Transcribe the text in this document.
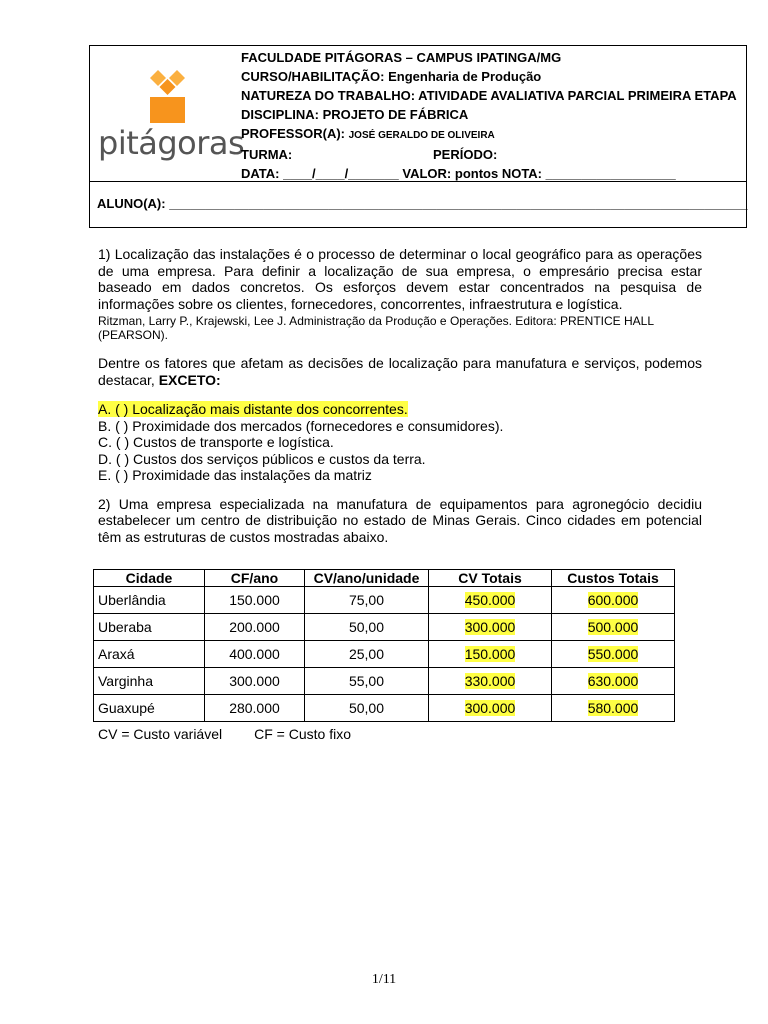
pitágoras
FACULDADE PITÁGORAS – CAMPUS IPATINGA/MG
CURSO/HABILITAÇÃO: Engenharia de Produção
NATUREZA DO TRABALHO: ATIVIDADE AVALIATIVA PARCIAL PRIMEIRA ETAPA
DISCIPLINA: PROJETO DE FÁBRICA
PROFESSOR(A): JOSÉ GERALDO DE OLIVEIRA
TURMA:	PERÍODO:
DATA: ____/____/_______ VALOR: pontos NOTA: __________________
ALUNO(A): ________________________________________________________________________________

1) Localização das instalações é o processo de determinar o local geográfico para as operações de uma empresa. Para definir a localização de sua empresa, o empresário precisa estar baseado em dados concretos. Os esforços devem estar concentrados na pesquisa de informações sobre os clientes, fornecedores, concorrentes, infraestrutura e logística.

Ritzman, Larry P., Krajewski, Lee J. Administração da Produção e Operações. Editora: PRENTICE HALL (PEARSON).

Dentre os fatores que afetam as decisões de localização para manufatura e serviços, podemos destacar, EXCETO:

A. ( ) Localização mais distante dos concorrentes.
B. ( ) Proximidade dos mercados (fornecedores e consumidores).
C. ( ) Custos de transporte e logística.
D. ( ) Custos dos serviços públicos e custos da terra.
E. ( ) Proximidade das instalações da matriz

2) Uma empresa especializada na manufatura de equipamentos para agronegócio decidiu estabelecer um centro de distribuição no estado de Minas Gerais. Cinco cidades em potencial têm as estruturas de custos mostradas abaixo.

Cidade	CF/ano	CV/ano/unidade	CV Totais	Custos Totais
Uberlândia	150.000	75,00	450.000	600.000
Uberaba	200.000	50,00	300.000	500.000
Araxá	400.000	25,00	150.000	550.000
Varginha	300.000	55,00	330.000	630.000
Guaxupé	280.000	50,00	300.000	580.000
CV = Custo variável CF = Custo fixo
1/11
